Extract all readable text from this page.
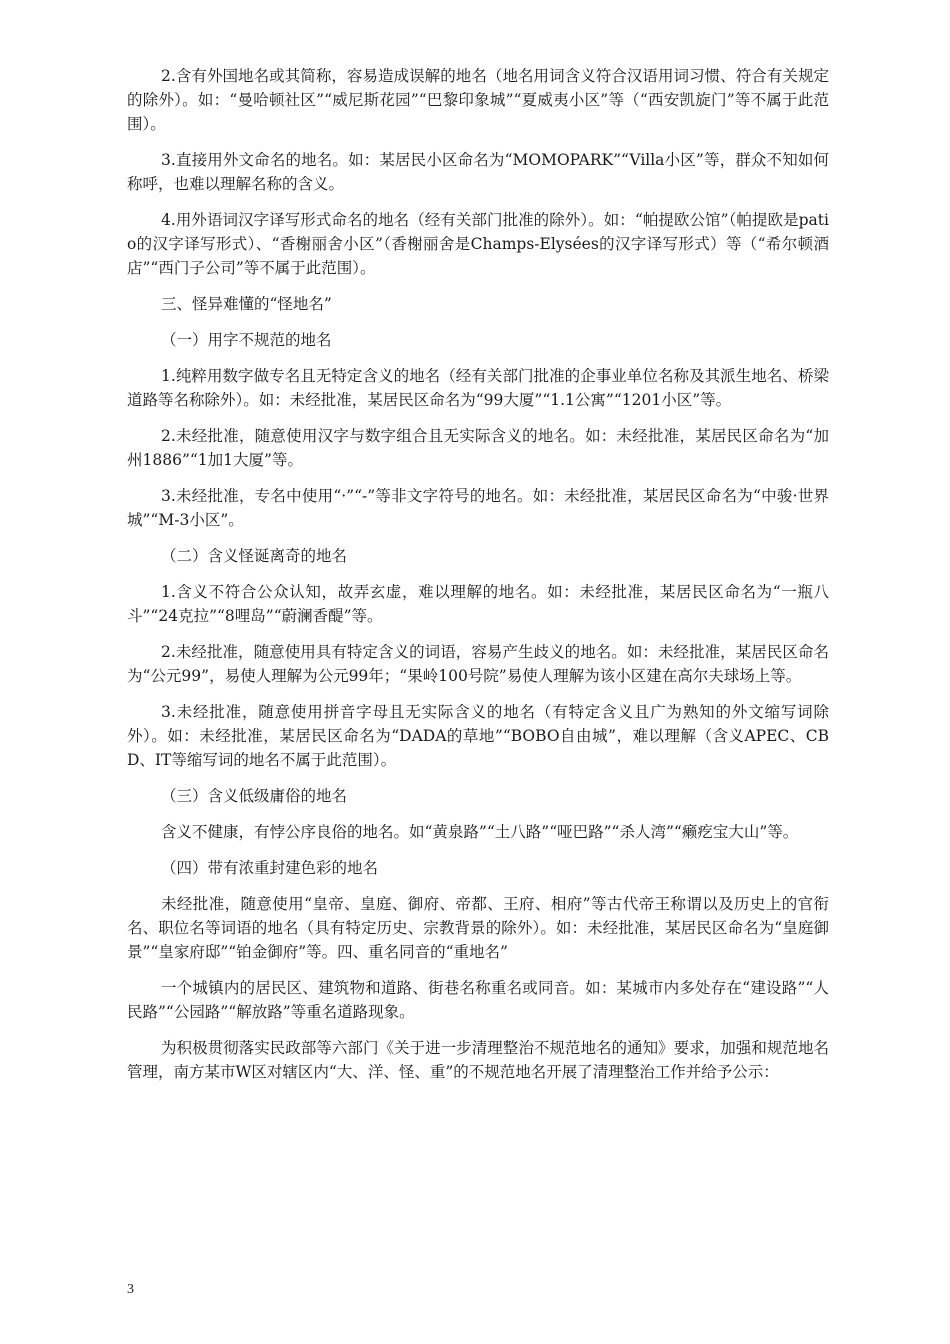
2.含有外国地名或其简称，容易造成误解的地名（地名用词含义符合汉语用词习惯、符合有关规定的除外）。如：“曼哈顿社区”“威尼斯花园”“巴黎印象城”“夏威夷小区”等（“西安凯旋门”等不属于此范围）。

3.直接用外文命名的地名。如：某居民小区命名为“MOMOPARK”“Villa小区”等，群众不知如何称呼，也难以理解名称的含义。

4.用外语词汉字译写形式命名的地名（经有关部门批准的除外）。如：“帕提欧公馆”（帕提欧是patio的汉字译写形式）、“香榭丽舍小区”（香榭丽舍是Champs-Elysées的汉字译写形式）等（“希尔顿酒店”“西门子公司”等不属于此范围）。

三、怪异难懂的“怪地名”

（一）用字不规范的地名

1.纯粹用数字做专名且无特定含义的地名（经有关部门批准的企事业单位名称及其派生地名、桥梁道路等名称除外）。如：未经批准，某居民区命名为“99大厦”“1.1公寓”“1201小区”等。

2.未经批准，随意使用汉字与数字组合且无实际含义的地名。如：未经批准，某居民区命名为“加州1886”“1加1大厦”等。

3.未经批准，专名中使用“·”“-”等非文字符号的地名。如：未经批准，某居民区命名为“中骏·世界城”“M-3小区”。

（二）含义怪诞离奇的地名

1.含义不符合公众认知，故弄玄虚，难以理解的地名。如：未经批准，某居民区命名为“一瓶八斗”“24克拉”“8哩岛”“蔚澜香醍”等。

2.未经批准，随意使用具有特定含义的词语，容易产生歧义的地名。如：未经批准，某居民区命名为“公元99”，易使人理解为公元99年；“果岭100号院”易使人理解为该小区建在高尔夫球场上等。

3.未经批准，随意使用拼音字母且无实际含义的地名（有特定含义且广为熟知的外文缩写词除外）。如：未经批准，某居民区命名为“DADA的草地”“BOBO自由城”，难以理解（含义APEC、CBD、IT等缩写词的地名不属于此范围）。

（三）含义低级庸俗的地名

含义不健康，有悖公序良俗的地名。如“黄泉路”“土八路”“哑巴路”“杀人湾”“癞疙宝大山”等。

（四）带有浓重封建色彩的地名

未经批准，随意使用“皇帝、皇庭、御府、帝都、王府、相府”等古代帝王称谓以及历史上的官衔名、职位名等词语的地名（具有特定历史、宗教背景的除外）。如：未经批准，某居民区命名为“皇庭御景”“皇家府邸”“铂金御府”等。四、重名同音的“重地名”

一个城镇内的居民区、建筑物和道路、街巷名称重名或同音。如：某城市内多处存在“建设路”“人民路”“公园路”“解放路”等重名道路现象。

为积极贯彻落实民政部等六部门《关于进一步清理整治不规范地名的通知》要求，加强和规范地名管理，南方某市W区对辖区内“大、洋、怪、重”的不规范地名开展了清理整治工作并给予公示：

3
